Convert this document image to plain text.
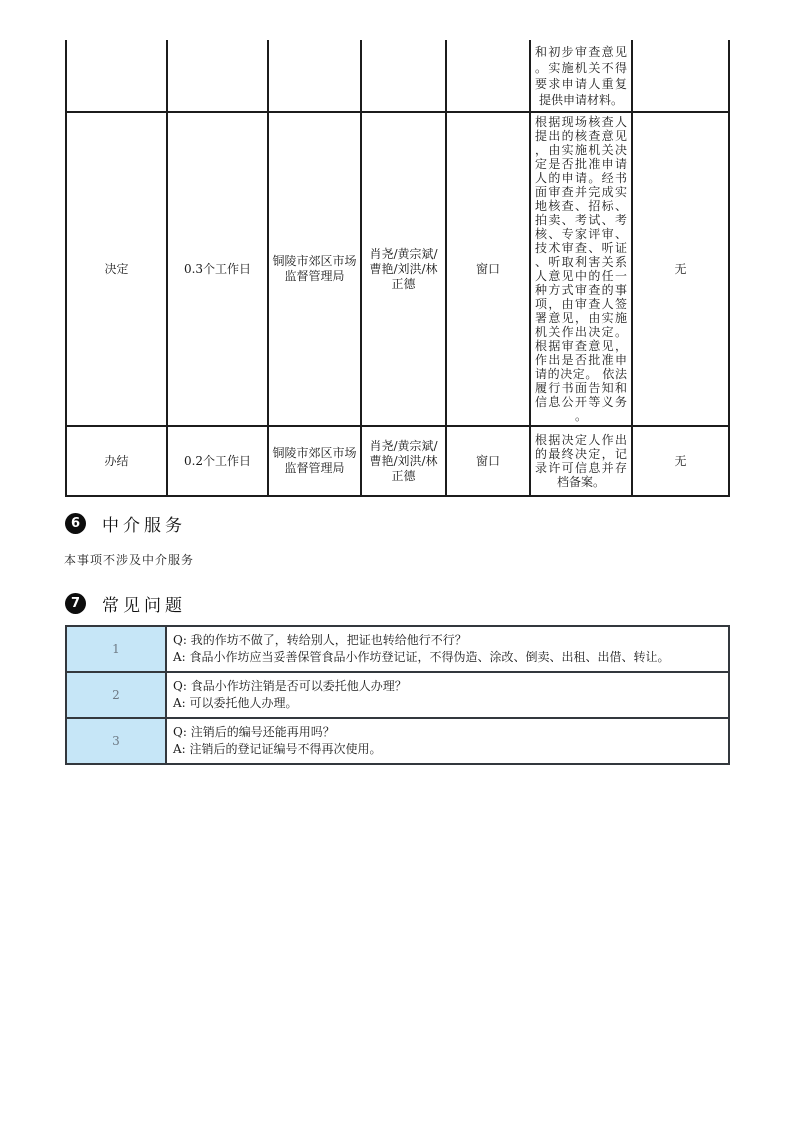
					和初步审查意见。实施机关不得要求申请人重复提供申请材料。	
决定	0.3个工作日	铜陵市郊区市场监督管理局	肖尧/黄宗斌/曹艳/刘洪/林正德	窗口	根据现场核查人提出的核查意见，由实施机关决定是否批准申请人的申请。经书面审查并完成实地核查、招标、拍卖、考试、考核、专家评审、技术审查、听证、听取利害关系人意见中的任一种方式审查的事项，由审查人签署意见，由实施机关作出决定。根据审查意见，作出是否批准申请的决定。 依法履行书面告知和信息公开等义务。	无
办结	0.2个工作日	铜陵市郊区市场监督管理局	肖尧/黄宗斌/曹艳/刘洪/林正德	窗口	根据决定人作出的最终决定，记录许可信息并存档备案。	无
6	中介服务
本事项不涉及中介服务
7	常见问题
1	Q: 我的作坊不做了，转给别人，把证也转给他行不行？
A: 食品小作坊应当妥善保管食品小作坊登记证，不得伪造、涂改、倒卖、出租、出借、转让。

2	Q: 食品小作坊注销是否可以委托他人办理？
A: 可以委托他人办理。

3	Q: 注销后的编号还能再用吗？
A: 注销后的登记证编号不得再次使用。
